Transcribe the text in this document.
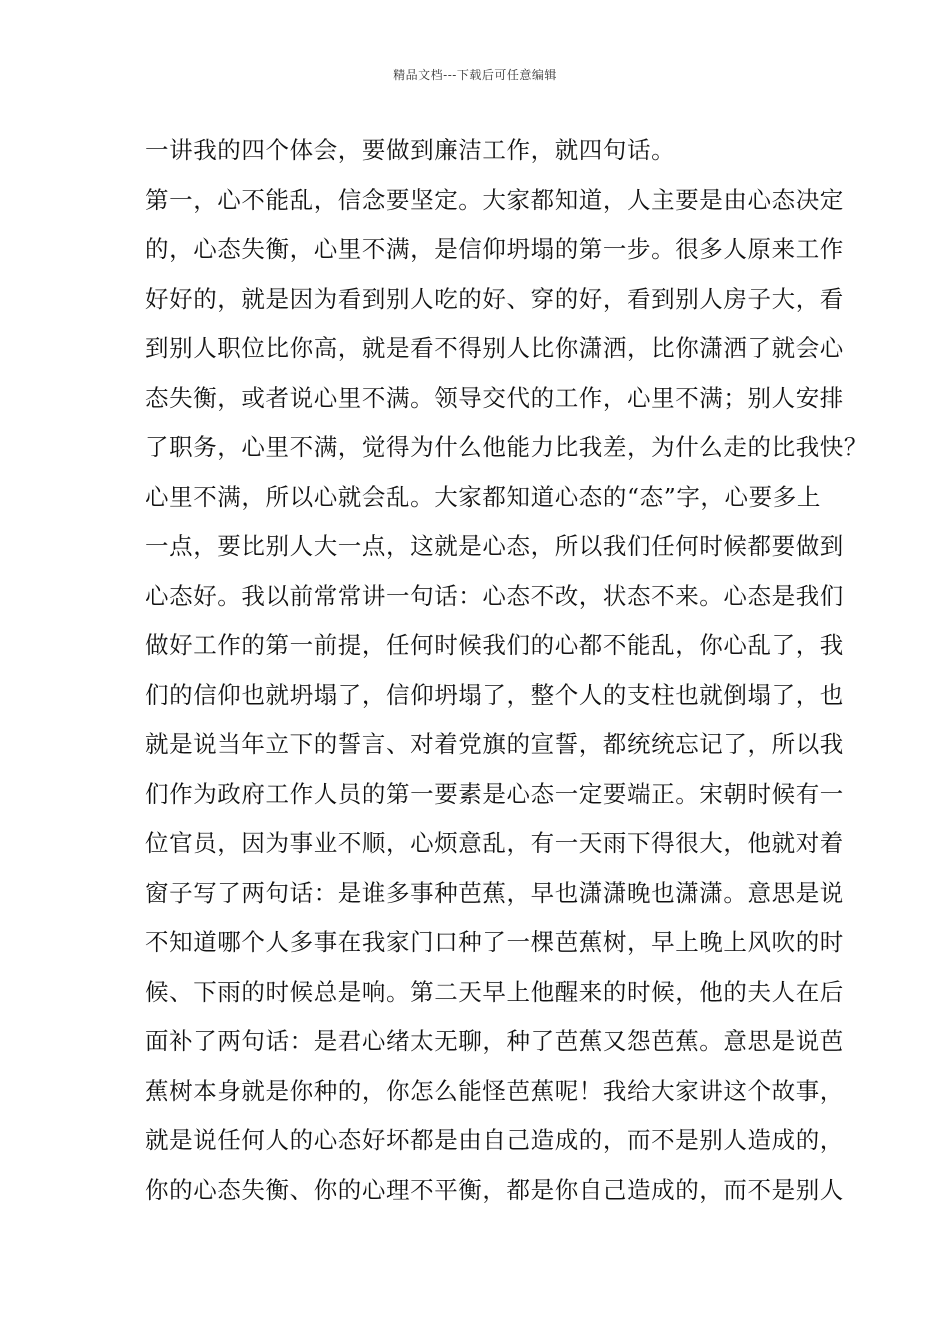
精品文档---下载后可任意编辑
一讲我的四个体会，要做到廉洁工作，就四句话。
第一，心不能乱，信念要坚定。大家都知道，人主要是由心态决定
的，心态失衡，心里不满，是信仰坍塌的第一步。很多人原来工作
好好的，就是因为看到别人吃的好、穿的好，看到别人房子大，看
到别人职位比你高，就是看不得别人比你潇洒，比你潇洒了就会心
态失衡，或者说心里不满。领导交代的工作，心里不满；别人安排
了职务，心里不满，觉得为什么他能力比我差，为什么走的比我快？
心里不满，所以心就会乱。大家都知道心态的“态”字，心要多上
一点，要比别人大一点，这就是心态，所以我们任何时候都要做到
心态好。我以前常常讲一句话：心态不改，状态不来。心态是我们
做好工作的第一前提，任何时候我们的心都不能乱，你心乱了，我
们的信仰也就坍塌了，信仰坍塌了，整个人的支柱也就倒塌了，也
就是说当年立下的誓言、对着党旗的宣誓，都统统忘记了，所以我
们作为政府工作人员的第一要素是心态一定要端正。宋朝时候有一
位官员，因为事业不顺，心烦意乱，有一天雨下得很大，他就对着
窗子写了两句话：是谁多事种芭蕉，早也潇潇晚也潇潇。意思是说
不知道哪个人多事在我家门口种了一棵芭蕉树，早上晚上风吹的时
候、下雨的时候总是响。第二天早上他醒来的时候，他的夫人在后
面补了两句话：是君心绪太无聊，种了芭蕉又怨芭蕉。意思是说芭
蕉树本身就是你种的，你怎么能怪芭蕉呢！我给大家讲这个故事，
就是说任何人的心态好坏都是由自己造成的，而不是别人造成的，
你的心态失衡、你的心理不平衡，都是你自己造成的，而不是别人
